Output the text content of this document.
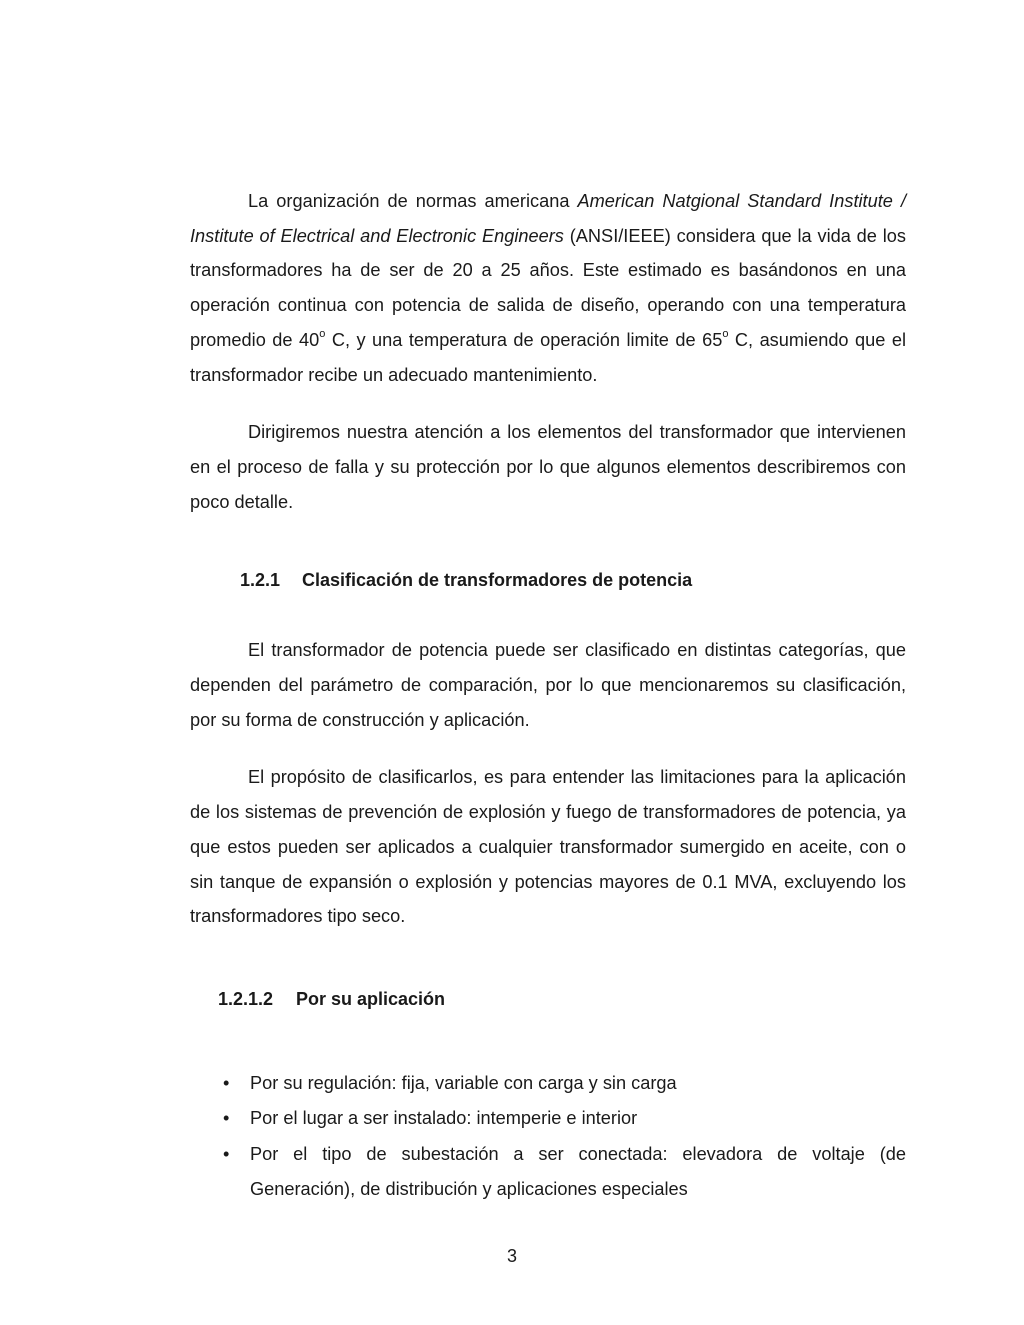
La organización de normas americana American Natgional Standard Institute / Institute of Electrical and Electronic Engineers (ANSI/IEEE) considera que la vida de los transformadores ha de ser de 20 a 25 años. Este estimado es basándonos en una operación continua con potencia de salida de diseño, operando con una temperatura promedio de 40$^o$ C, y una temperatura de operación limite de 65$^o$ C, asumiendo que el transformador recibe un adecuado mantenimiento.

Dirigiremos nuestra atención a los elementos del transformador que intervienen en el proceso de falla y su protección por lo que algunos elementos describiremos con poco detalle.

1.2.1 Clasificación de transformadores de potencia

El transformador de potencia puede ser clasificado en distintas categorías, que dependen del parámetro de comparación, por lo que mencionaremos su clasificación, por su forma de construcción y aplicación.

El propósito de clasificarlos, es para entender las limitaciones para la aplicación de los sistemas de prevención de explosión y fuego de transformadores de potencia, ya que estos pueden ser aplicados a cualquier transformador sumergido en aceite, con o sin tanque de expansión o explosión y potencias mayores de 0.1 MVA, excluyendo los transformadores tipo seco.

1.2.1.2 Por su aplicación
• Por su regulación: fija, variable con carga y sin carga
• Por el lugar a ser instalado: intemperie e interior
• Por el tipo de subestación a ser conectada: elevadora de voltaje (de Generación), de distribución y aplicaciones especiales
3
